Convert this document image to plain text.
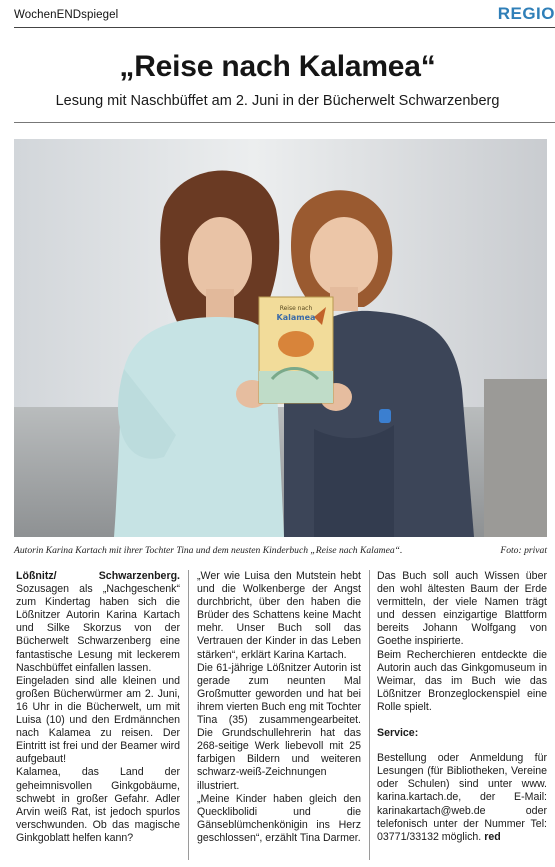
WochenENDspiegel	REGIO
„Reise nach Kalamea“
Lesung mit Naschbüffet am 2. Juni in der Bücherwelt Schwarzenberg
Reise nach
Kalamea
Autorin Karina Kartach mit ihrer Tochter Tina und dem neusten Kinderbuch „Reise nach Kalamea“.	Foto: privat

Lößnitz/ Schwarzenberg. Sozusagen als „Nachgeschenk“ zum Kindertag haben sich die Lößnitzer Autorin Karina Kartach und Silke Skorzus von der Bücherwelt Schwarzenberg eine fantastische Lesung mit leckerem Naschbüffet einfallen lassen.

Eingeladen sind alle kleinen und großen Bücherwürmer am 2. Juni, 16 Uhr in die Bücherwelt, um mit Luisa (10) und den Erdmännchen nach Kalamea zu reisen. Der Eintritt ist frei und der Beamer wird aufgebaut!

Kalamea, das Land der geheimnisvollen Ginkgobäume, schwebt in großer Gefahr. Adler Arvin weiß Rat, ist jedoch spurlos verschwunden. Ob das magische Ginkgoblatt helfen kann?

„Wer wie Luisa den Mutstein hebt und die Wolkenberge der Angst durchbricht, über den haben die Brüder des Schattens keine Macht mehr. Unser Buch soll das Vertrauen der Kinder in das Leben stärken“, erklärt Karina Kartach.

Die 61-jährige Lößnitzer Autorin ist gerade zum neunten Mal Großmutter geworden und hat bei ihrem vierten Buch eng mit Tochter Tina (35) zusammengearbeitet. Die Grundschullehrerin hat das 268-seitige Werk liebevoll mit 25 farbigen Bildern und weiteren schwarz-weiß-Zeichnungen illustriert.

„Meine Kinder haben gleich den Quecklibolidi und die Gänseblümchenkönigin ins Herz geschlossen“, erzählt Tina Darmer.

Das Buch soll auch Wissen über den wohl ältesten Baum der Erde vermitteln, der viele Namen trägt und dessen einzigartige Blattform bereits Johann Wolfgang von Goethe inspirierte.

Beim Recherchieren entdeckte die Autorin auch das Ginkgomuseum in Weimar, das im Buch wie das Lößnitzer Bronzeglockenspiel eine Rolle spielt.

Service:

Bestellung oder Anmeldung für Lesungen (für Bibliotheken, Vereine oder Schulen) sind unter www. karina.kartach.de, der E-Mail: karinakartach@web.de oder telefonisch unter der Nummer Tel: 03771/33132 möglich. red
